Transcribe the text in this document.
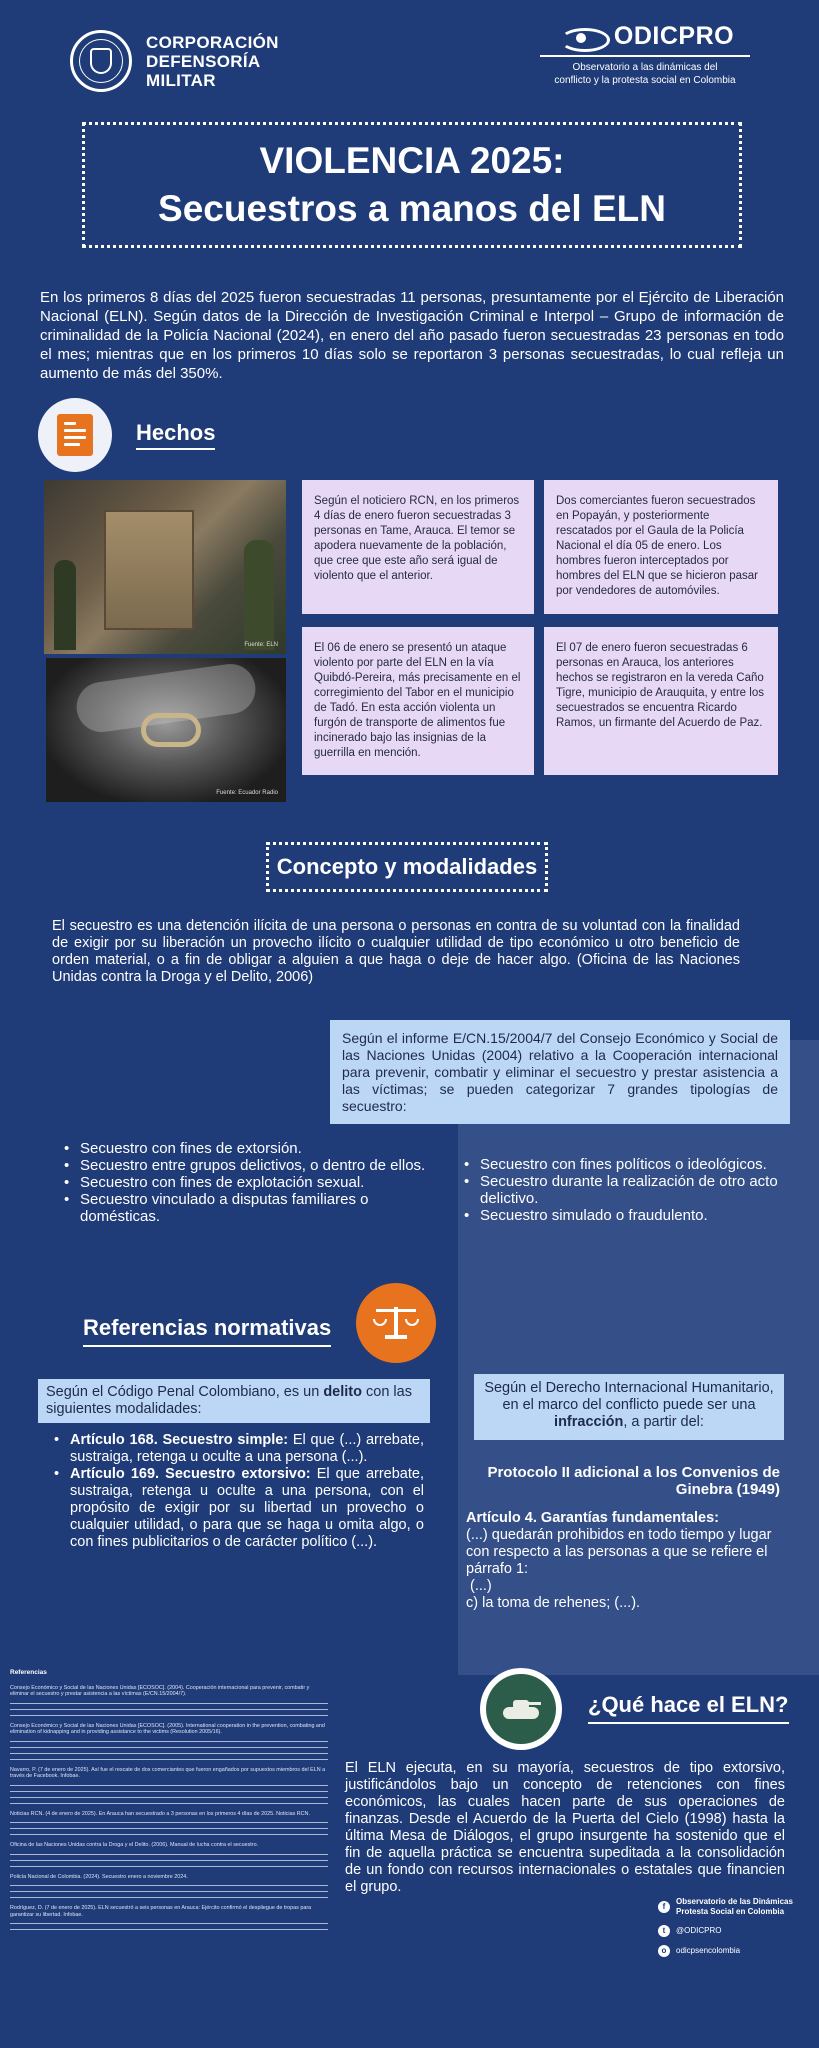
CORPORACIÓN
DEFENSORÍA
MILITAR
ODICPRO
Observatorio a las dinámicas del
conflicto y la protesta social en Colombia
VIOLENCIA 2025:
Secuestros a manos del ELN

En los primeros 8 días del 2025 fueron secuestradas 11 personas, presuntamente por el Ejército de Liberación Nacional (ELN). Según datos de la Dirección de Investigación Criminal e Interpol – Grupo de información de criminalidad de la Policía Nacional (2024), en enero del año pasado fueron secuestradas 23 personas en todo el mes; mientras que en los primeros 10 días solo se reportaron 3 personas secuestradas, lo cual refleja un aumento de más del 350%.

Hechos
Fuente: ELN
Fuente: Ecuador Radio
Según el noticiero RCN, en los primeros 4 días de enero fueron secuestradas 3 personas en Tame, Arauca. El temor se apodera nuevamente de la población, que cree que este año será igual de violento que el anterior.
Dos comerciantes fueron secuestrados en Popayán, y posteriormente rescatados por el Gaula de la Policía Nacional el día 05 de enero. Los hombres fueron interceptados por hombres del ELN que se hicieron pasar por vendedores de automóviles.
El 06 de enero se presentó un ataque violento por parte del ELN en la vía Quibdó-Pereira, más precisamente en el corregimiento del Tabor en el municipio de Tadó. En esta acción violenta un furgón de transporte de alimentos fue incinerado bajo las insignias de la guerrilla en mención.
El 07 de enero fueron secuestradas 6 personas en Arauca, los anteriores hechos se registraron en la vereda Caño Tigre, municipio de Arauquita, y entre los secuestrados se encuentra Ricardo Ramos, un firmante del Acuerdo de Paz.
Concepto y modalidades

El secuestro es una detención ilícita de una persona o personas en contra de su voluntad con la finalidad de exigir por su liberación un provecho ilícito o cualquier utilidad de tipo económico u otro beneficio de orden material, o a fin de obligar a alguien a que haga o deje de hacer algo. (Oficina de las Naciones Unidas contra la Droga y el Delito, 2006)

Según el informe E/CN.15/2004/7 del Consejo Económico y Social de las Naciones Unidas (2004) relativo a la Cooperación internacional para prevenir, combatir y eliminar el secuestro y prestar asistencia a las víctimas; se pueden categorizar 7 grandes tipologías de secuestro:
• Secuestro con fines de extorsión.
• Secuestro entre grupos delictivos, o dentro de ellos.
• Secuestro con fines de explotación sexual.
• Secuestro vinculado a disputas familiares o domésticas.
• Secuestro con fines políticos o ideológicos.
• Secuestro durante la realización de otro acto delictivo.
• Secuestro simulado o fraudulento.
Referencias normativas
Según el Código Penal Colombiano, es un delito con las siguientes modalidades:
Según el Derecho Internacional Humanitario, en el marco del conflicto puede ser una infracción, a partir del:
• Artículo 168. Secuestro simple: El que (...) arrebate, sustraiga, retenga u oculte a una persona (...).
• Artículo 169. Secuestro extorsivo: El que arrebate, sustraiga, retenga u oculte a una persona, con el propósito de exigir por su libertad un provecho o cualquier utilidad, o para que se haga u omita algo, o con fines publicitarios o de carácter político (...).
Protocolo II adicional a los Convenios de Ginebra (1949)
Artículo 4. Garantías fundamentales:
(...) quedarán prohibidos en todo tiempo y lugar con respecto a las personas a que se refiere el párrafo 1:
(...)
c) la toma de rehenes; (...).
Referencias

Consejo Económico y Social de las Naciones Unidas [ECOSOC]. (2004). Cooperación internacional para prevenir, combatir y eliminar el secuestro y prestar asistencia a las víctimas (E/CN.15/2004/7).

Consejo Económico y Social de las Naciones Unidas [ECOSOC]. (2005). International cooperation in the prevention, combating and elimination of kidnapping and in providing assistance to the victims (Resolution 2005/16).

Navarro, P. (7 de enero de 2025). Así fue el rescate de dos comerciantes que fueron engañados por supuestos miembros del ELN a través de Facebook. Infobae.

Noticias RCN. (4 de enero de 2025). En Arauca han secuestrado a 3 personas en los primeros 4 días de 2025. Noticias RCN.

Oficina de las Naciones Unidas contra la Droga y el Delito. (2006). Manual de lucha contra el secuestro.

Policía Nacional de Colombia. (2024). Secuestro enero a noviembre 2024.

Rodríguez, D. (7 de enero de 2025). ELN secuestró a seis personas en Arauca: Ejército confirmó el despliegue de tropas para garantizar su libertad. Infobae.

¿Qué hace el ELN?

El ELN ejecuta, en su mayoría, secuestros de tipo extorsivo, justificándolos bajo un concepto de retenciones con fines económicos, las cuales hacen parte de sus operaciones de finanzas. Desde el Acuerdo de la Puerta del Cielo (1998) hasta la última Mesa de Diálogos, el grupo insurgente ha sostenido que el fin de aquella práctica se encuentra supeditada a la consolidación de un fondo con recursos internacionales o estatales que financien el grupo.

f
Observatorio de las Dinámicas
Protesta Social en Colombia
t	@ODICPRO
o	odicpsencolombia
